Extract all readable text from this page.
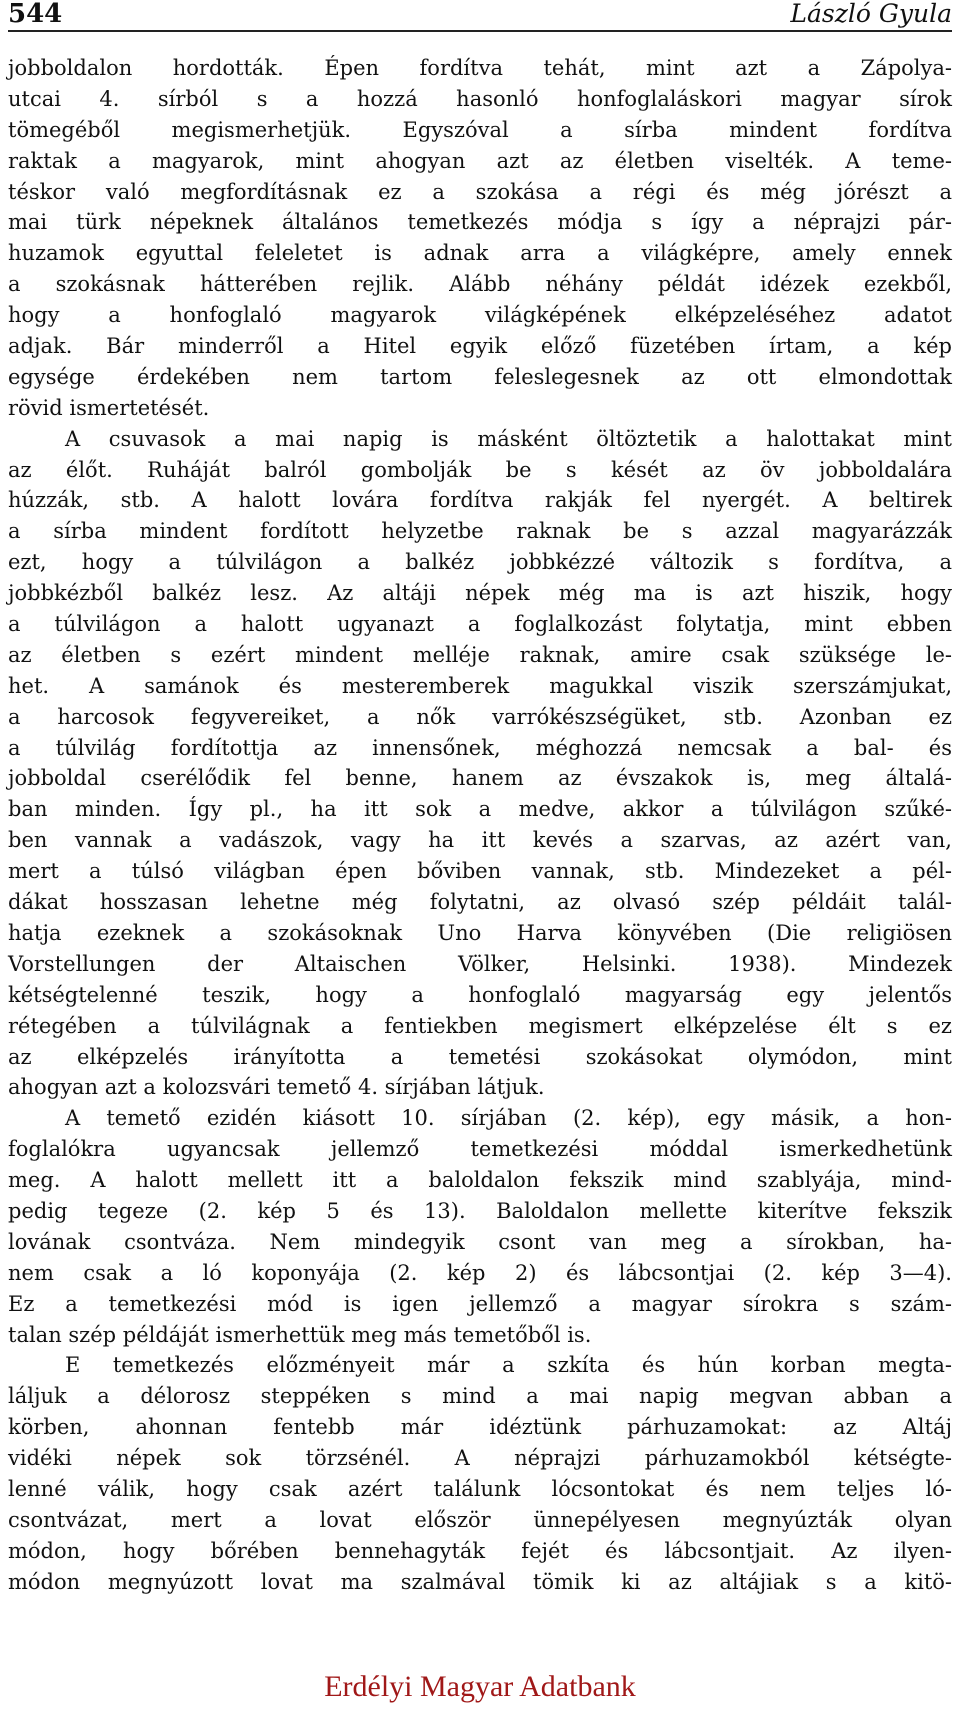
544	László Gyula
jobboldalon hordották. Épen fordítva tehát, mint azt a Zápolya-
utcai 4. sírból s a hozzá hasonló honfoglaláskori magyar sírok
tömegéből megismerhetjük. Egyszóval a sírba mindent fordítva
raktak a magyarok, mint ahogyan azt az életben viselték. A teme-
téskor való megfordításnak ez a szokása a régi és még jórészt a
mai türk népeknek általános temetkezés módja s így a néprajzi pár-
huzamok egyuttal feleletet is adnak arra a világképre, amely ennek
a szokásnak hátterében rejlik. Alább néhány példát idézek ezekből,
hogy a honfoglaló magyarok világképének elképzeléséhez adatot
adjak. Bár minderről a Hitel egyik előző füzetében írtam, a kép
egysége érdekében nem tartom feleslegesnek az ott elmondottak
rövid ismertetését.
A csuvasok a mai napig is másként öltöztetik a halottakat mint
az élőt. Ruháját balról gombolják be s kését az öv jobboldalára
húzzák, stb. A halott lovára fordítva rakják fel nyergét. A beltirek
a sírba mindent fordított helyzetbe raknak be s azzal magyarázzák
ezt, hogy a túlvilágon a balkéz jobbkézzé változik s fordítva, a
jobbkézből balkéz lesz. Az altáji népek még ma is azt hiszik, hogy
a túlvilágon a halott ugyanazt a foglalkozást folytatja, mint ebben
az életben s ezért mindent melléje raknak, amire csak szüksége le-
het. A samánok és mesteremberek magukkal viszik szerszámjukat,
a harcosok fegyvereiket, a nők varrókészségüket, stb. Azonban ez
a túlvilág fordítottja az innensőnek, méghozzá nemcsak a bal- és
jobboldal cserélődik fel benne, hanem az évszakok is, meg általá-
ban minden. Így pl., ha itt sok a medve, akkor a túlvilágon szűké-
ben vannak a vadászok, vagy ha itt kevés a szarvas, az azért van,
mert a túlsó világban épen bőviben vannak, stb. Mindezeket a pél-
dákat hosszasan lehetne még folytatni, az olvasó szép példáit talál-
hatja ezeknek a szokásoknak Uno Harva könyvében (Die religiösen
Vorstellungen der Altaischen Völker, Helsinki. 1938). Mindezek
kétségtelenné teszik, hogy a honfoglaló magyarság egy jelentős
rétegében a túlvilágnak a fentiekben megismert elképzelése élt s ez
az elképzelés irányította a temetési szokásokat olymódon, mint
ahogyan azt a kolozsvári temető 4. sírjában látjuk.
A temető ezidén kiásott 10. sírjában (2. kép), egy másik, a hon-
foglalókra ugyancsak jellemző temetkezési móddal ismerkedhetünk
meg. A halott mellett itt a baloldalon fekszik mind szablyája, mind-
pedig tegeze (2. kép 5 és 13). Baloldalon mellette kiterítve fekszik
lovának csontváza. Nem mindegyik csont van meg a sírokban, ha-
nem csak a ló koponyája (2. kép 2) és lábcsontjai (2. kép 3—4).
Ez a temetkezési mód is igen jellemző a magyar sírokra s szám-
talan szép példáját ismerhettük meg más temetőből is.
E temetkezés előzményeit már a szkíta és hún korban megta-
láljuk a délorosz steppéken s mind a mai napig megvan abban a
körben, ahonnan fentebb már idéztünk párhuzamokat: az Altáj
vidéki népek sok törzsénél. A néprajzi párhuzamokból kétségte-
lenné válik, hogy csak azért találunk lócsontokat és nem teljes ló-
csontvázat, mert a lovat először ünnepélyesen megnyúzták olyan
módon, hogy bőrében bennehagyták fejét és lábcsontjait. Az ilyen-
módon megnyúzott lovat ma szalmával tömik ki az altájiak s a kitö-
Erdélyi Magyar Adatbank
